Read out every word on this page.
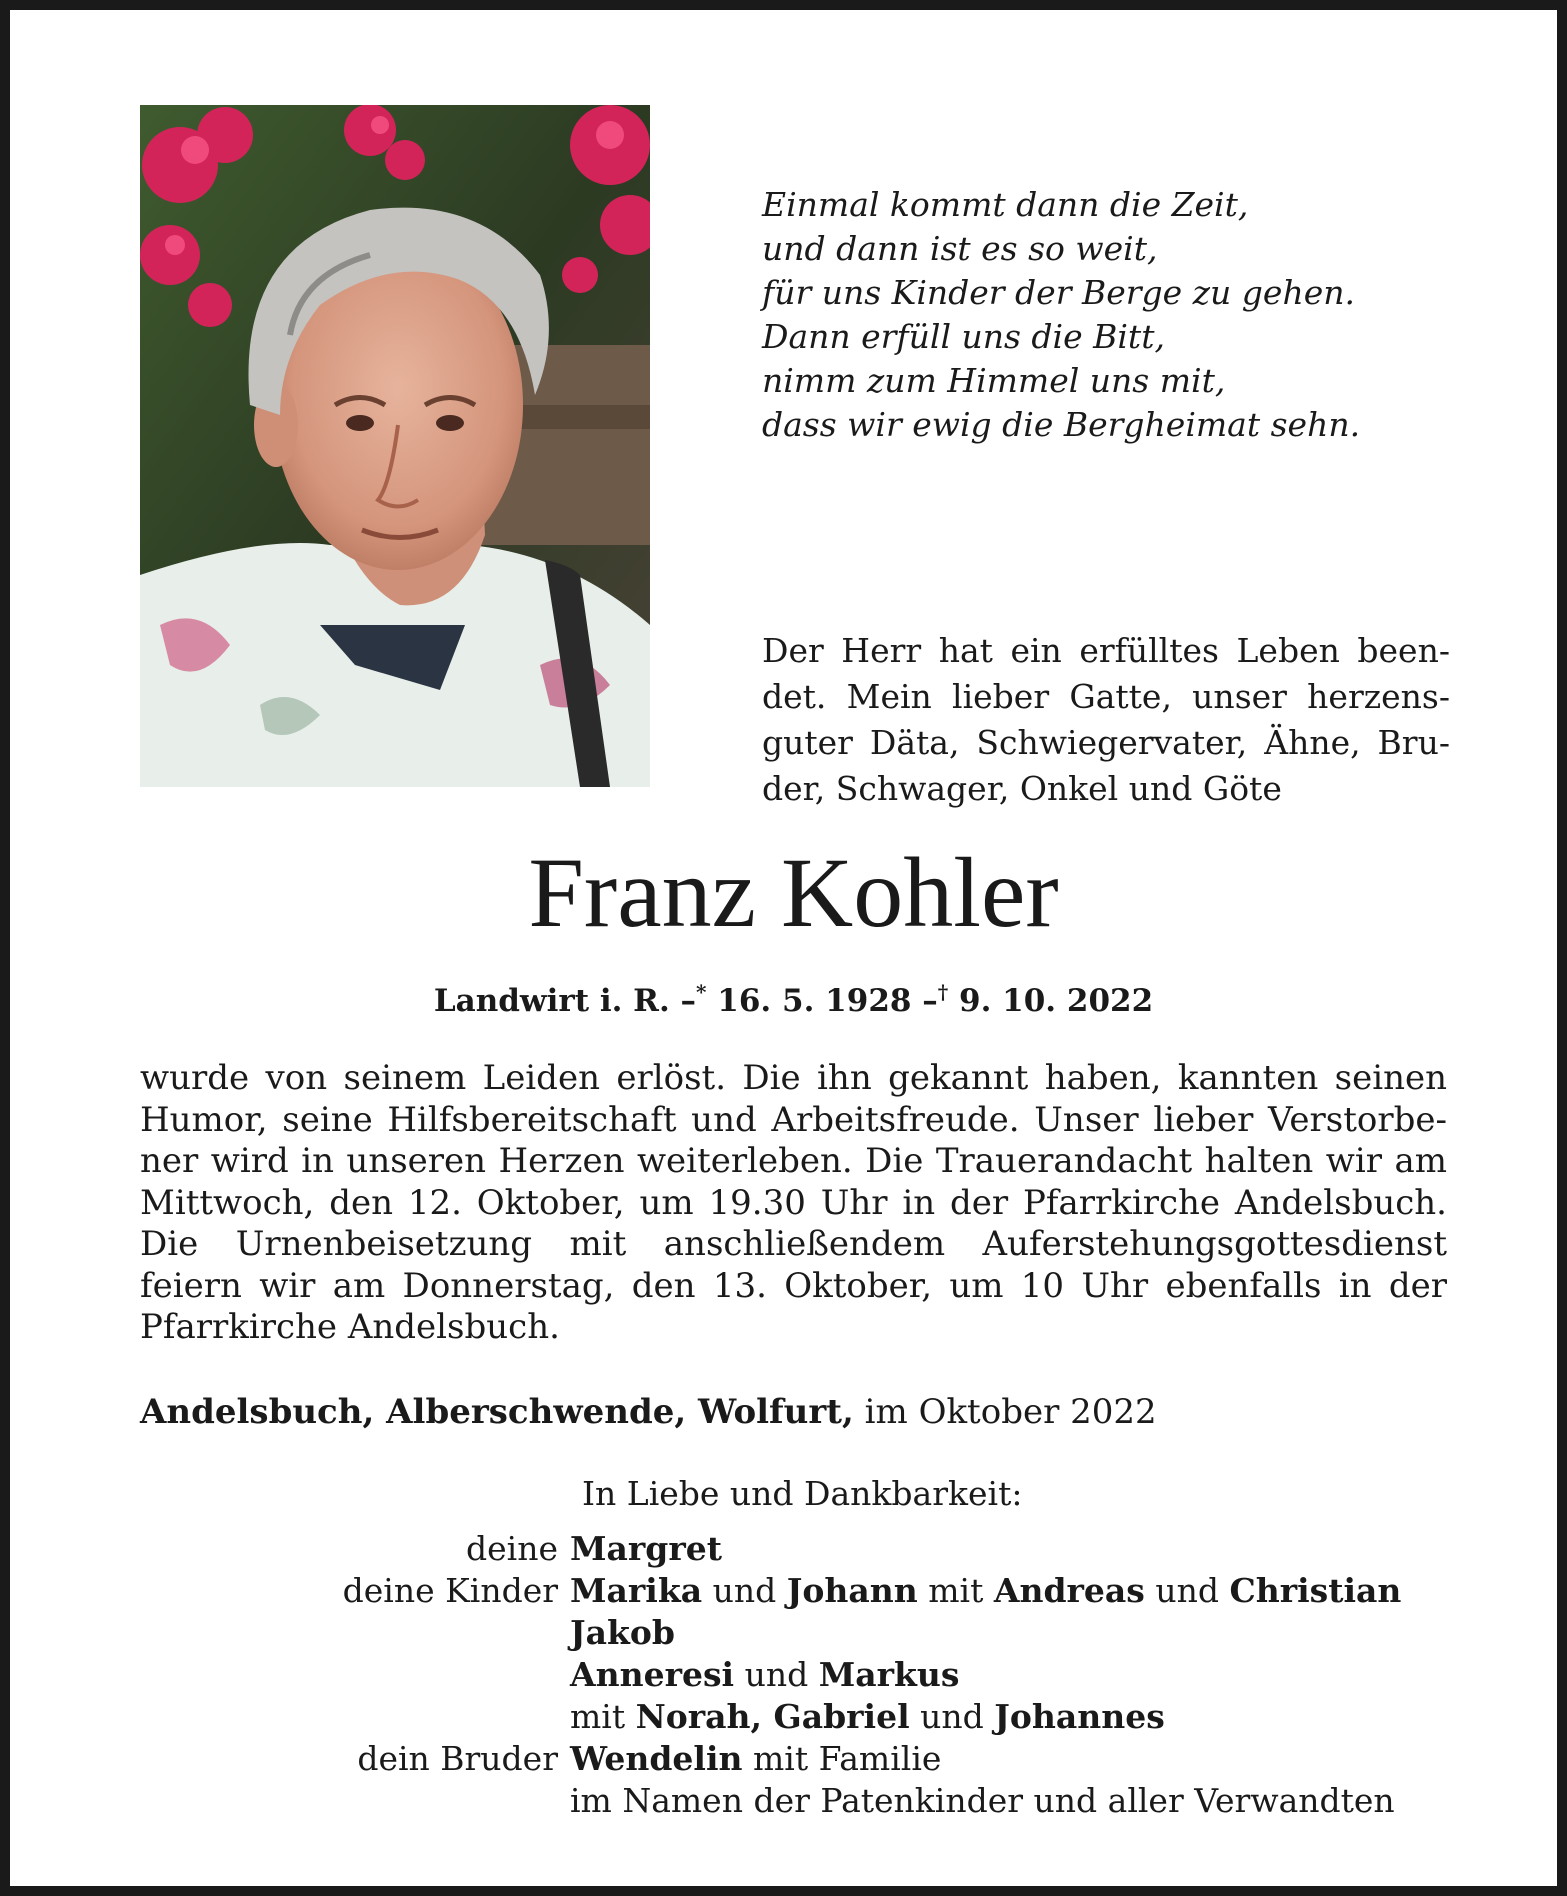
Einmal kommt dann die Zeit,
und dann ist es so weit,
für uns Kinder der Berge zu gehen.
Dann erfüll uns die Bitt,
nimm zum Himmel uns mit,
dass wir ewig die Bergheimat sehn.
Der Herr hat ein erfülltes Leben been- det. Mein lieber Gatte, unser herzens- guter Däta, Schwiegervater, Ähne, Bru- der, Schwager, Onkel und Göte
Franz Kohler
Landwirt i. R. –* 16. 5. 1928 –† 9. 10. 2022
wurde von seinem Leiden erlöst. Die ihn gekannt haben, kannten seinen Humor, seine Hilfsbereitschaft und Arbeitsfreude. Unser lieber Verstorbe- ner wird in unseren Herzen weiterleben. Die Trauerandacht halten wir am Mittwoch, den 12. Oktober, um 19.30 Uhr in der Pfarrkirche Andelsbuch. Die Urnenbeisetzung mit anschließendem Auferstehungsgottesdienst feiern wir am Donnerstag, den 13. Oktober, um 10 Uhr ebenfalls in der Pfarrkirche Andelsbuch.
Andelsbuch, Alberschwende, Wolfurt, im Oktober 2022
In Liebe und Dankbarkeit:
deine Margret
deine Kinder Marika und Johann mit Andreas und Christian
Jakob
Anneresi und Markus
mit Norah, Gabriel und Johannes
dein Bruder Wendelin mit Familie
im Namen der Patenkinder und aller Verwandten
